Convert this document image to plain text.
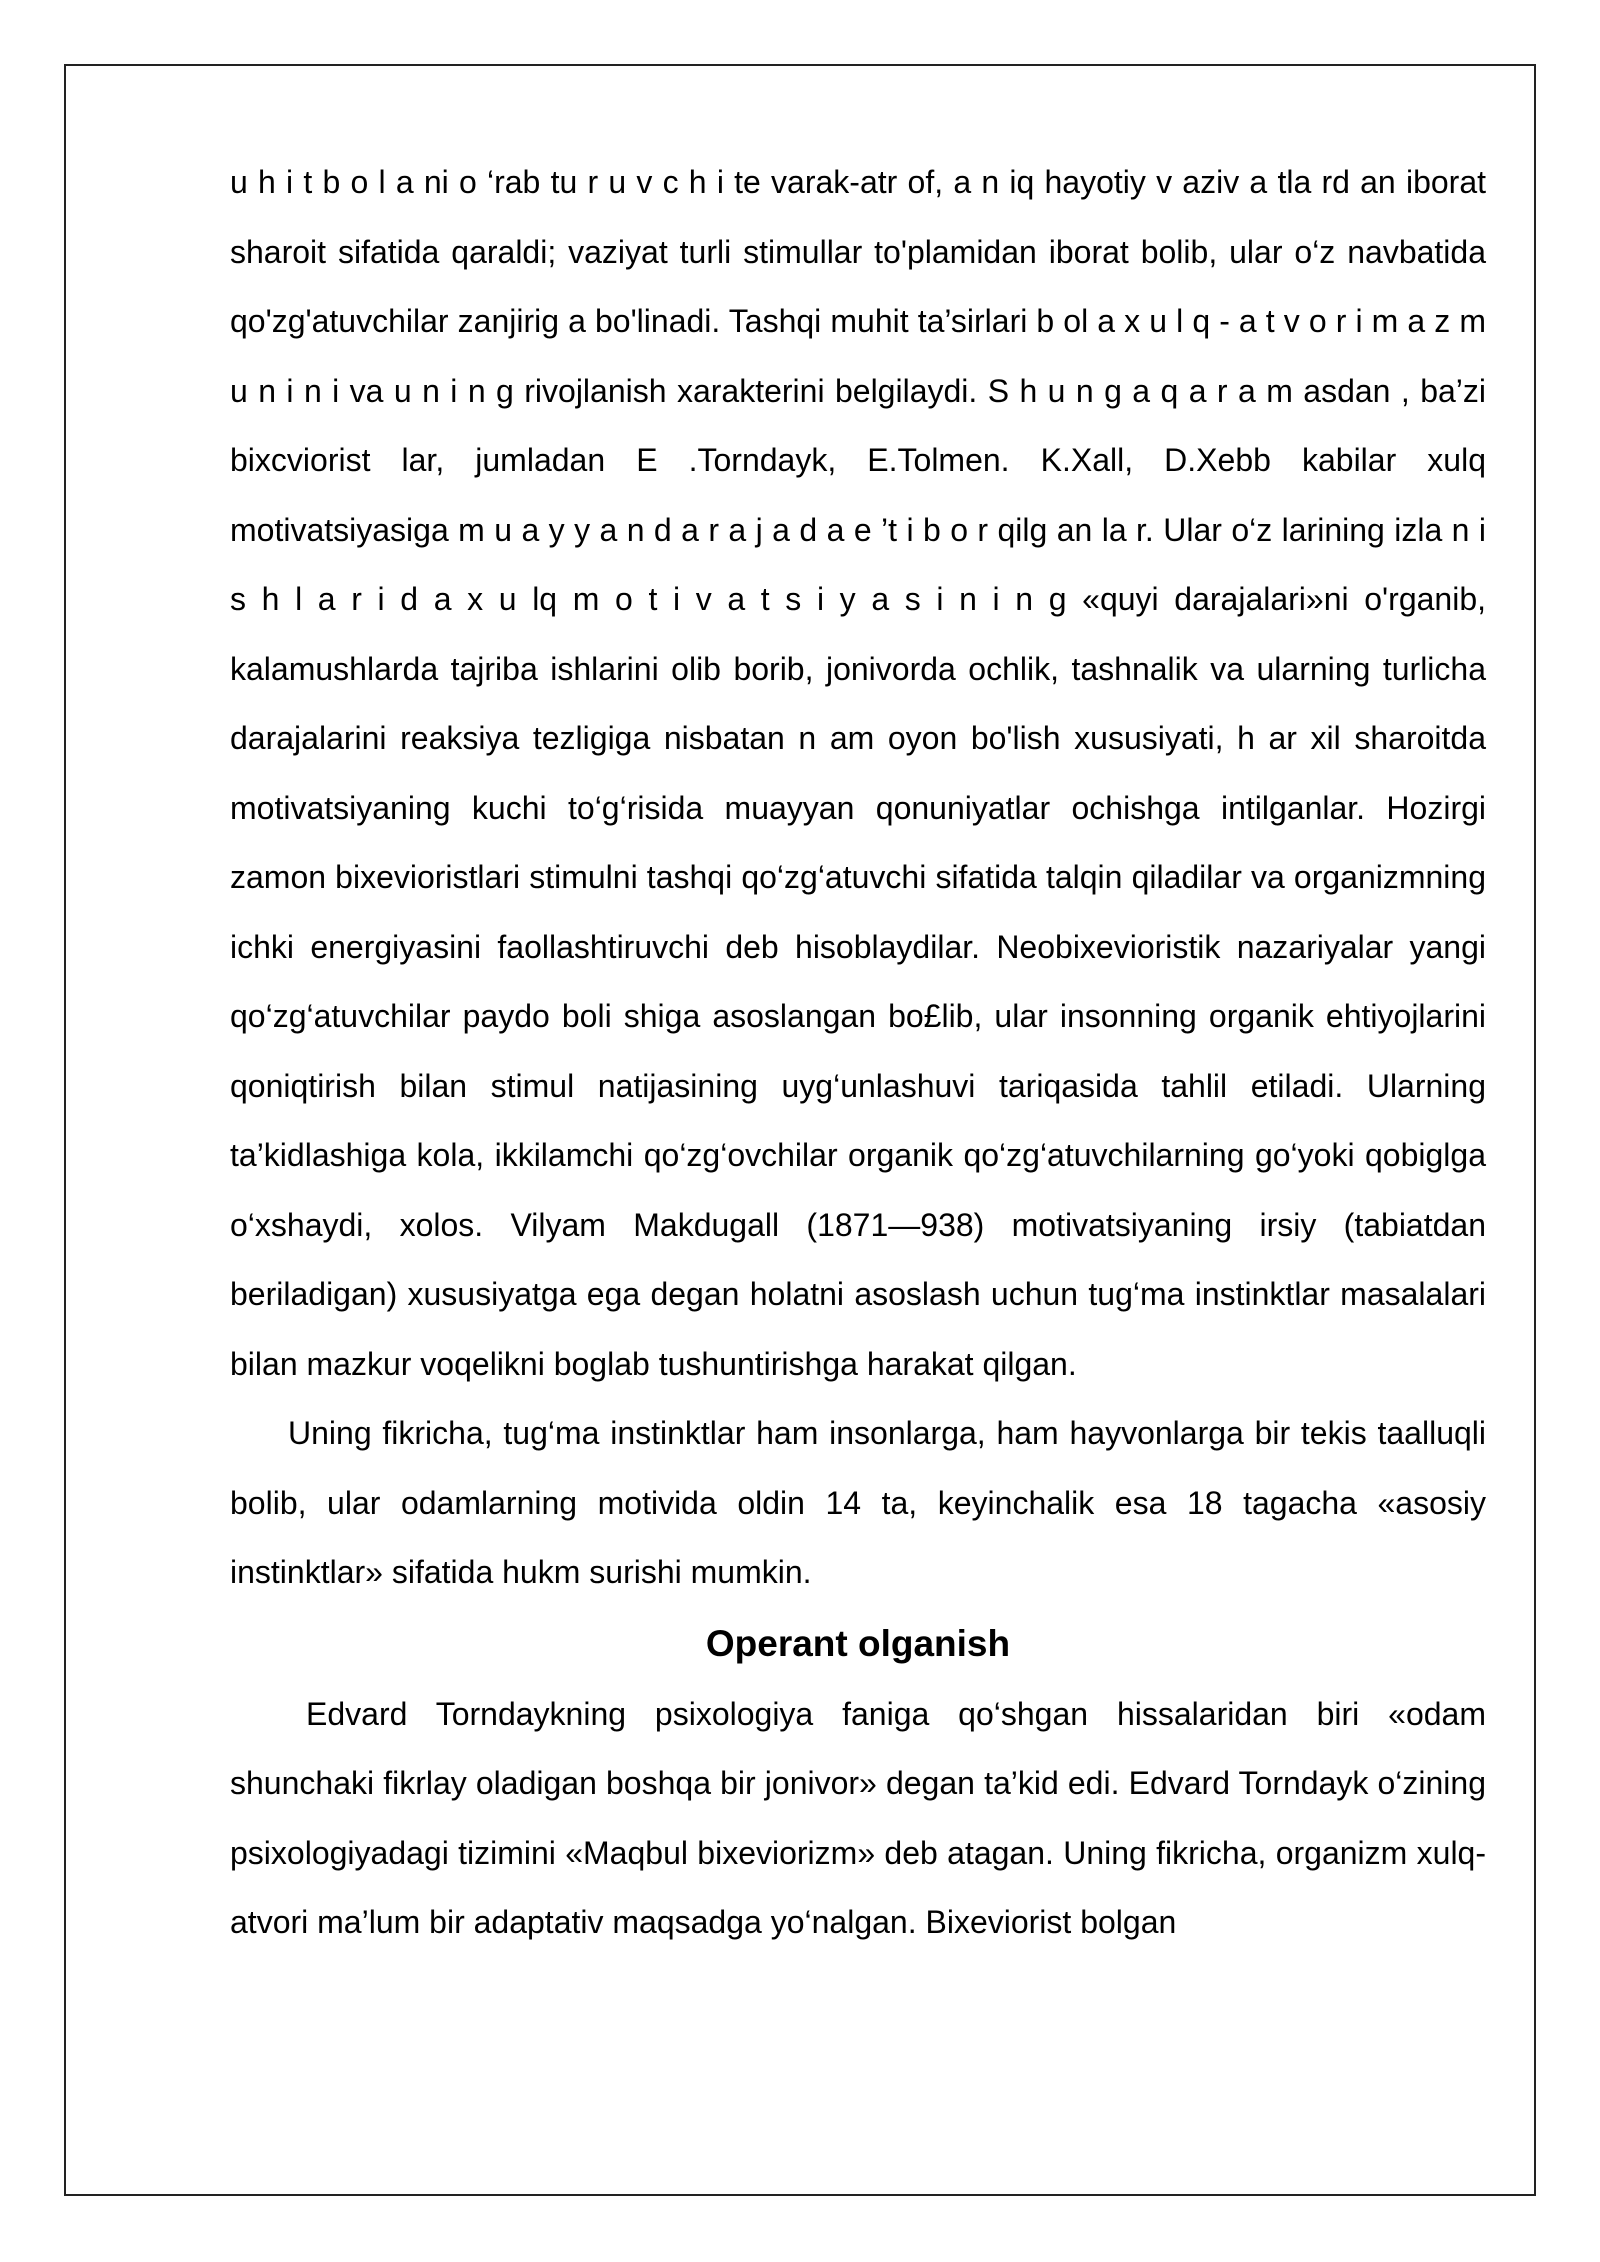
u h i t b o l a ni o ‘rab tu r u v c h i te varak-atr of, a n iq hayotiy v aziv a tla rd an iborat sharoit sifatida qaraldi; vaziyat turli stimullar to'plamidan iborat bolib, ular o‘z navbatida qo'zg'atuvchilar zanjirig a bo'linadi. Tashqi muhit ta’sirlari b ol a x u l q - a t v o r i m a z m u n i n i va u n i n g rivojlanish xarakterini belgilaydi. S h u n g a q a r a m asdan , ba’zi bixcviorist lar, jumladan E .Torndayk, E.Tolmen. K.Xall, D.Xebb kabilar xulq motivatsiyasiga m u a y y a n d a r a j a d a e ’t i b o r qilg an la r. Ular o‘z larining izla n i s h l a r i d a x u lq m o t i v a t s i y a s i n i n g «quyi darajalari»ni o'rganib, kalamushlarda tajriba ishlarini olib borib, jonivorda ochlik, tashnalik va ularning turlicha darajalarini reaksiya tezligiga nisbatan n am oyon bo'lish xususiyati, h ar xil sharoitda motivatsiyaning kuchi to‘g‘risida muayyan qonuniyatlar ochishga intilganlar. Hozirgi zamon bixevioristlari stimulni tashqi qo‘zg‘atuvchi sifatida talqin qiladilar va organizmning ichki energiyasini faollashtiruvchi deb hisoblaydilar. Neobixevioristik nazariyalar yangi qo‘zg‘atuvchilar paydo boli shiga asoslangan bo£lib, ular insonning organik ehtiyojlarini qoniqtirish bilan stimul natijasining uyg‘unlashuvi tariqasida tahlil etiladi. Ularning ta’kidlashiga kola, ikkilamchi qo‘zg‘ovchilar organik qo‘zg‘atuvchilarning go‘yoki qobiglga o‘xshaydi, xolos. Vilyam Makdugall (1871—938) motivatsiyaning irsiy (tabiatdan beriladigan) xususiyatga ega degan holatni asoslash uchun tug‘ma instinktlar masalalari bilan mazkur voqelikni boglab tushuntirishga harakat qilgan.

Uning fikricha, tug‘ma instinktlar ham insonlarga, ham hayvonlarga bir tekis taalluqli bolib, ular odamlarning motivida oldin 14 ta, keyinchalik esa 18 tagacha «asosiy instinktlar» sifatida hukm surishi mumkin.

Operant olganish

Edvard Torndaykning psixologiya faniga qo‘shgan hissalaridan biri «odam shunchaki fikrlay oladigan boshqa bir jonivor» degan ta’kid edi. Edvard Torndayk o‘zining psixologiyadagi tizimini «Maqbul bixeviorizm» deb atagan. Uning fikricha, organizm xulq-atvori ma’lum bir adaptativ maqsadga yo‘nalgan. Bixeviorist bolgan
